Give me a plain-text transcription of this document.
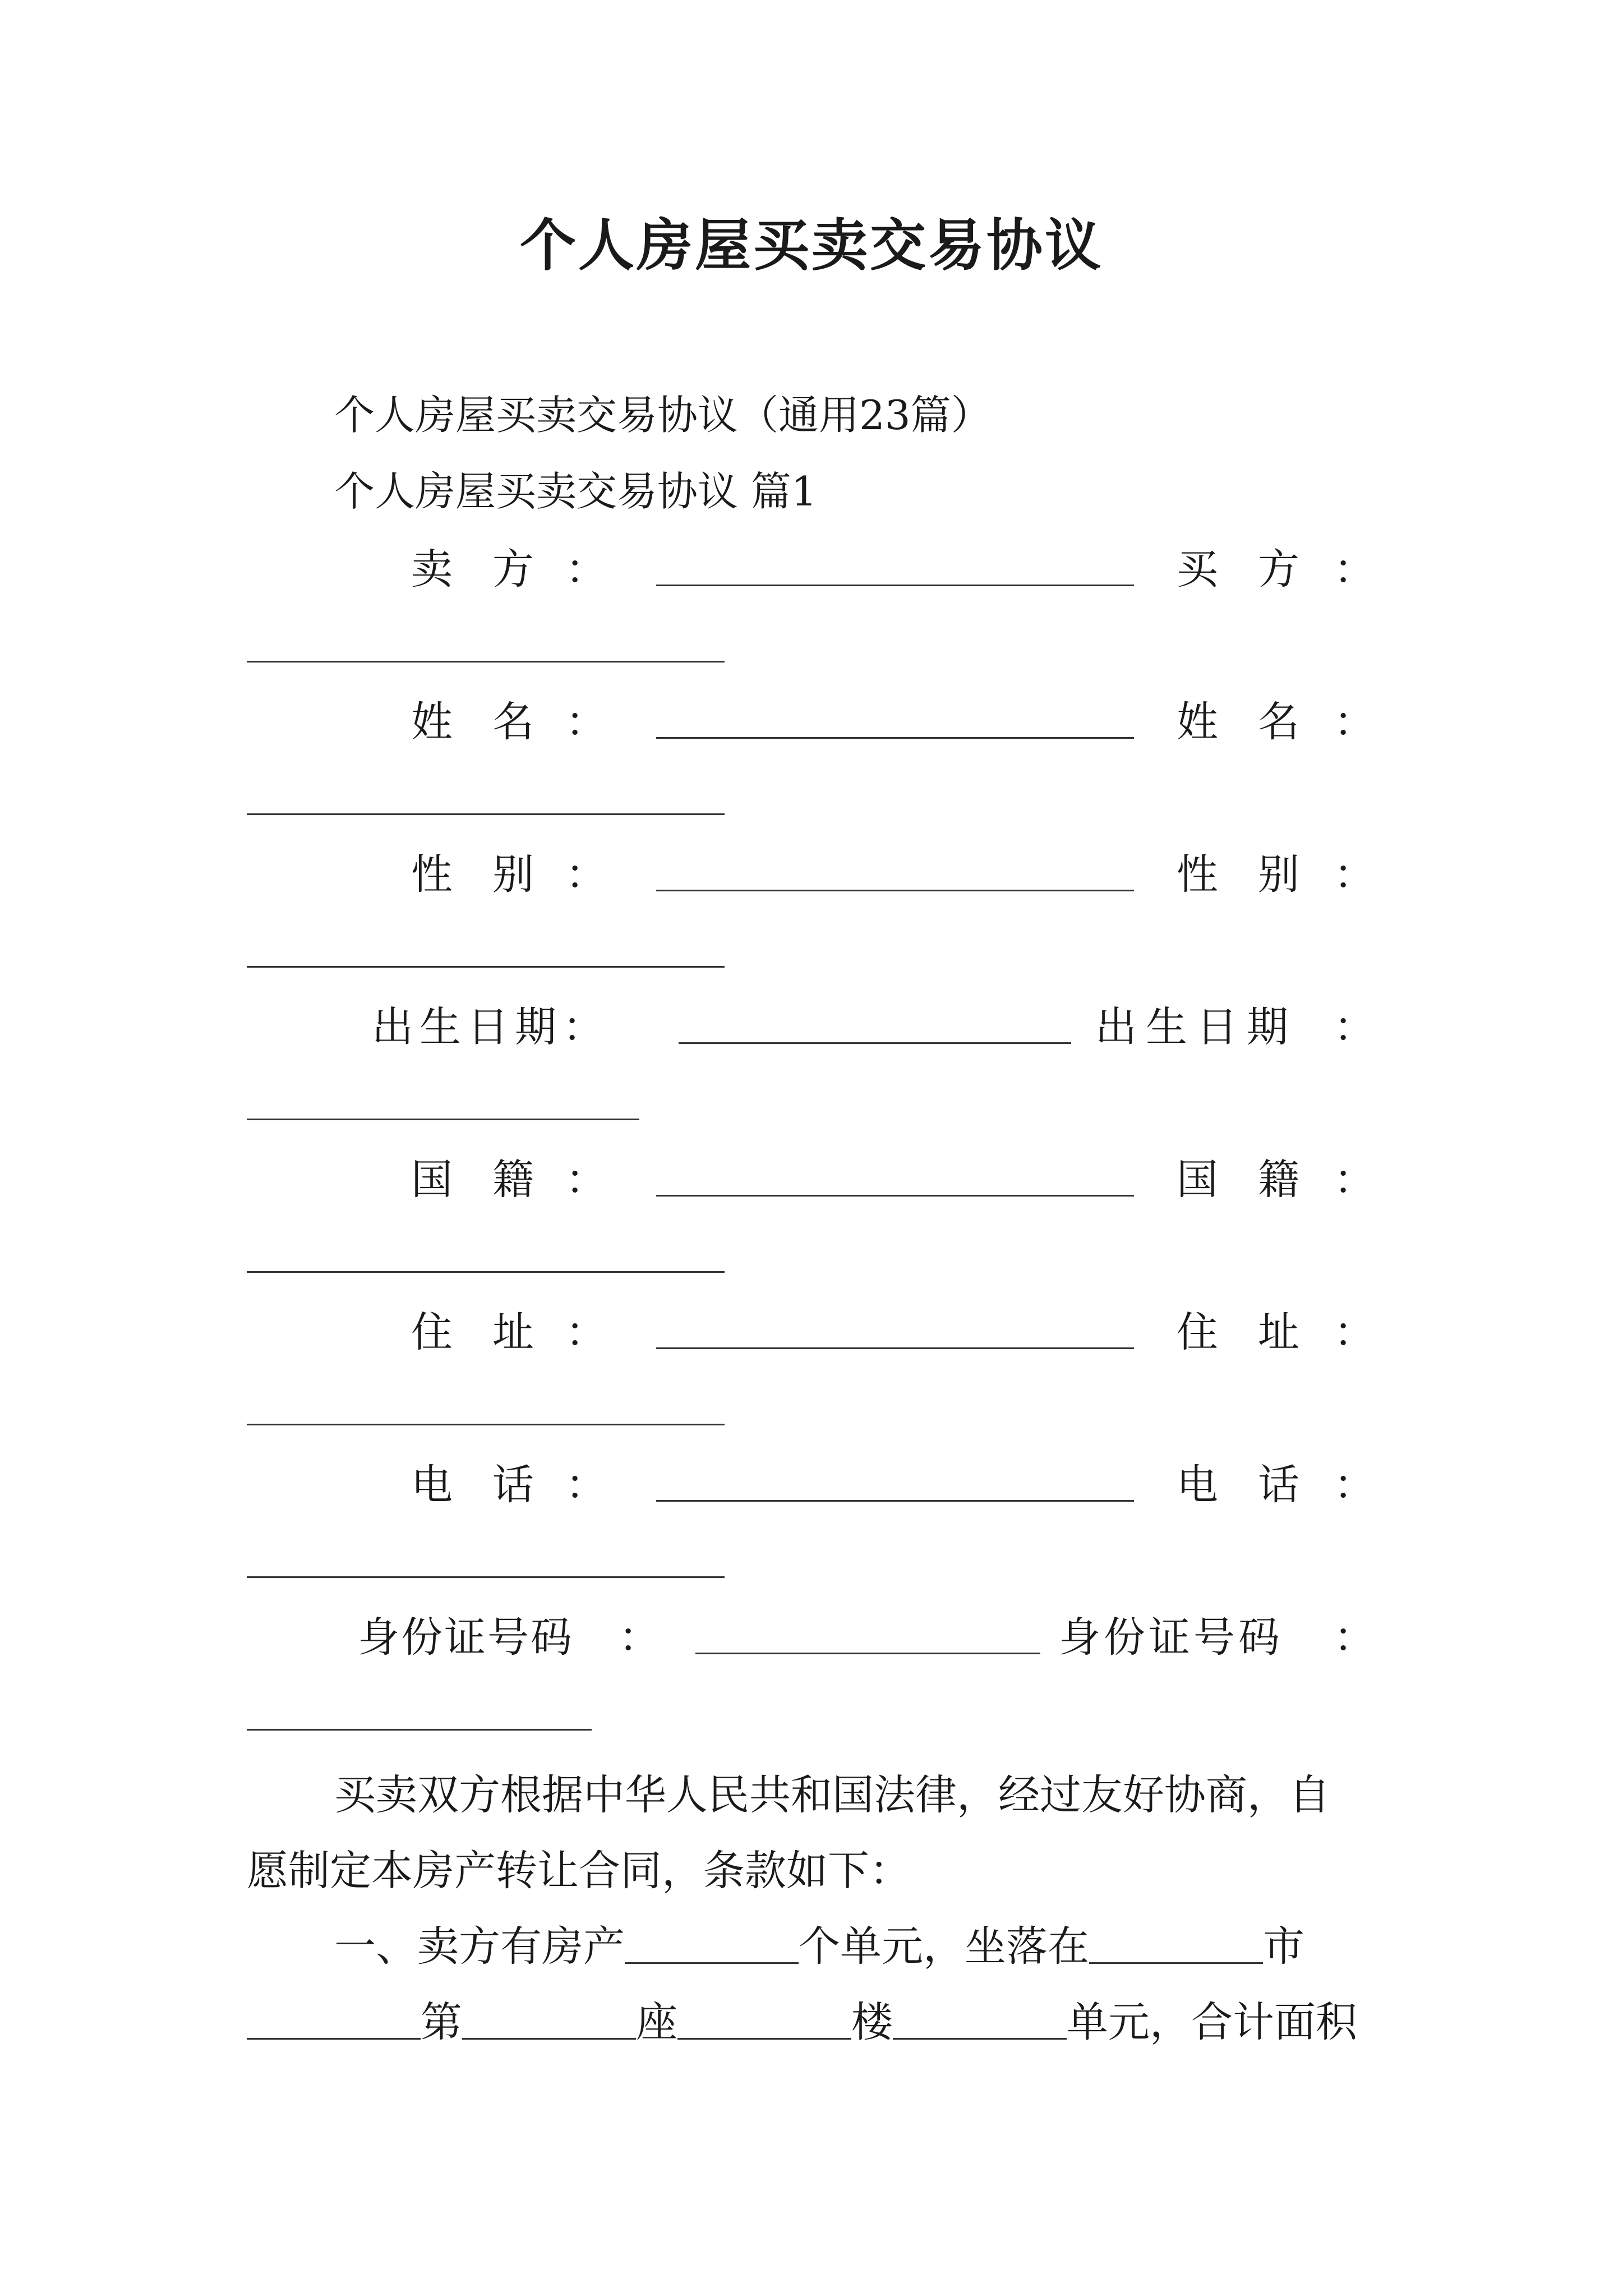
个人房屋买卖交易协议
个人房屋买卖交易协议（通用23篇）
个人房屋买卖交易协议 篇1
卖 方 ：	买 方 ：
姓 名 ：	姓 名 ：
性 别 ：	性 别 ：
出 生 日 期 ：	出 生 日 期 ：
国 籍 ：	国 籍 ：
住 址 ：	住 址 ：
电 话 ：	电 话 ：
身 份 证 号 码 ：	身 份 证 号 码 ：
买卖双方根据中华人民共和国法律，经过友好协商，自
愿制定本房产转让合同，条款如下：
一、卖方有房产	个单元，坐落在	市
第	座	楼	单元，合计面积
